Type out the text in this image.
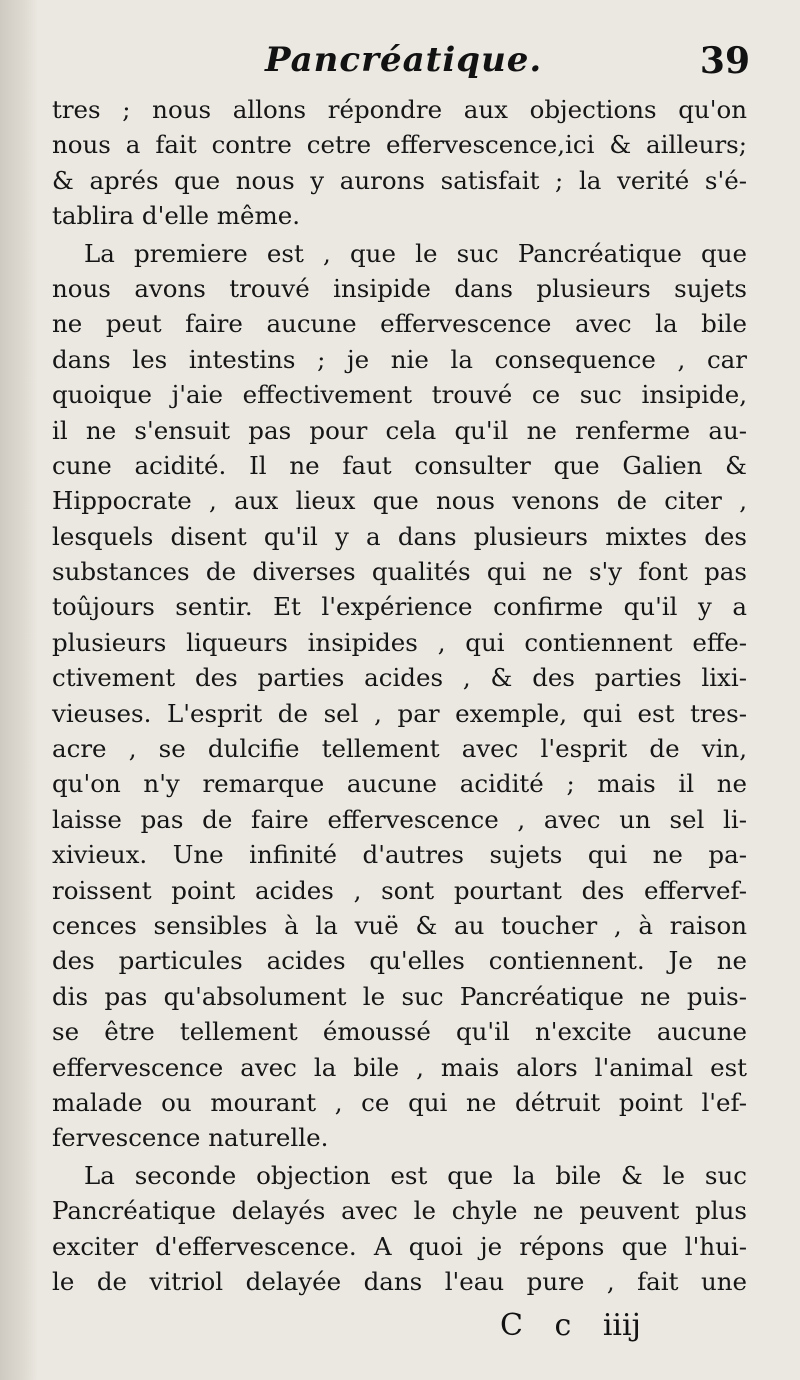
Pancréatique.	39
tres ; nous allons répondre aux objections qu'on
nous a fait contre cetre effervescence,ici & ailleurs;
& aprés que nous y aurons satisfait ; la verité s'é-
tablira d'elle même.
La premiere est , que le suc Pancréatique que
nous avons trouvé insipide dans plusieurs sujets
ne peut faire aucune effervescence avec la bile
dans les intestins ; je nie la consequence , car
quoique j'aie effectivement trouvé ce suc insipide,
il ne s'ensuit pas pour cela qu'il ne renferme au-
cune acidité. Il ne faut consulter que Galien &
Hippocrate , aux lieux que nous venons de citer ,
lesquels disent qu'il y a dans plusieurs mixtes des
substances de diverses qualités qui ne s'y font pas
toûjours sentir. Et l'expérience confirme qu'il y a
plusieurs liqueurs insipides , qui contiennent effe-
ctivement des parties acides , & des parties lixi-
vieuses. L'esprit de sel , par exemple, qui est tres-
acre , se dulcifie tellement avec l'esprit de vin,
qu'on n'y remarque aucune acidité ; mais il ne
laisse pas de faire effervescence , avec un sel li-
xivieux. Une infinité d'autres sujets qui ne pa-
roissent point acides , sont pourtant des effervef-
cences sensibles à la vuë & au toucher , à raison
des particules acides qu'elles contiennent. Je ne
dis pas qu'absolument le suc Pancréatique ne puis-
se être tellement émoussé qu'il n'excite aucune
effervescence avec la bile , mais alors l'animal est
malade ou mourant , ce qui ne détruit point l'ef-
fervescence naturelle.
La seconde objection est que la bile & le suc
Pancréatique delayés avec le chyle ne peuvent plus
exciter d'effervescence. A quoi je répons que l'hui-
le de vitriol delayée dans l'eau pure , fait une
C c iiij
